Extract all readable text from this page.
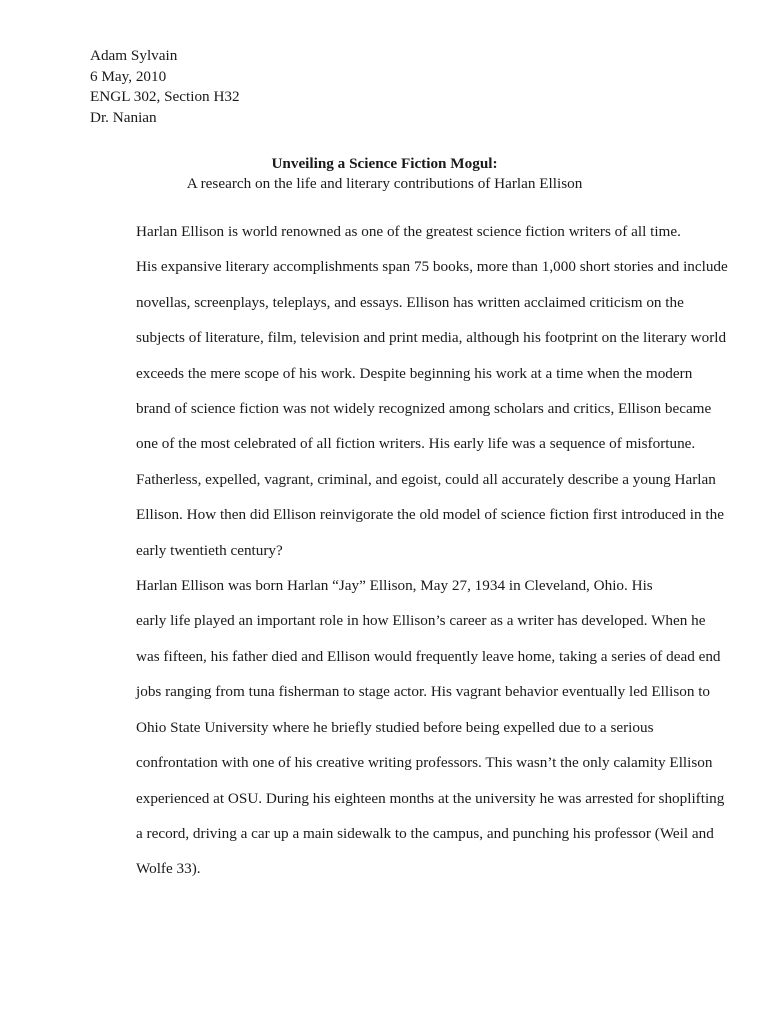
Adam Sylvain
6 May, 2010
ENGL 302, Section H32
Dr. Nanian
Unveiling a Science Fiction Mogul:
A research on the life and literary contributions of Harlan Ellison

Harlan Ellison is world renowned as one of the greatest science fiction writers of all time.
His expansive literary accomplishments span 75 books, more than 1,000 short stories and include
novellas, screenplays, teleplays, and essays. Ellison has written acclaimed criticism on the
subjects of literature, film, television and print media, although his footprint on the literary world
exceeds the mere scope of his work. Despite beginning his work at a time when the modern
brand of science fiction was not widely recognized among scholars and critics, Ellison became
one of the most celebrated of all fiction writers. His early life was a sequence of misfortune.
Fatherless, expelled, vagrant, criminal, and egoist, could all accurately describe a young Harlan
Ellison. How then did Ellison reinvigorate the old model of science fiction first introduced in the
early twentieth century?

Harlan Ellison was born Harlan “Jay” Ellison, May 27, 1934 in Cleveland, Ohio. His
early life played an important role in how Ellison’s career as a writer has developed. When he
was fifteen, his father died and Ellison would frequently leave home, taking a series of dead end
jobs ranging from tuna fisherman to stage actor. His vagrant behavior eventually led Ellison to
Ohio State University where he briefly studied before being expelled due to a serious
confrontation with one of his creative writing professors. This wasn’t the only calamity Ellison
experienced at OSU. During his eighteen months at the university he was arrested for shoplifting
a record, driving a car up a main sidewalk to the campus, and punching his professor (Weil and
Wolfe 33).
